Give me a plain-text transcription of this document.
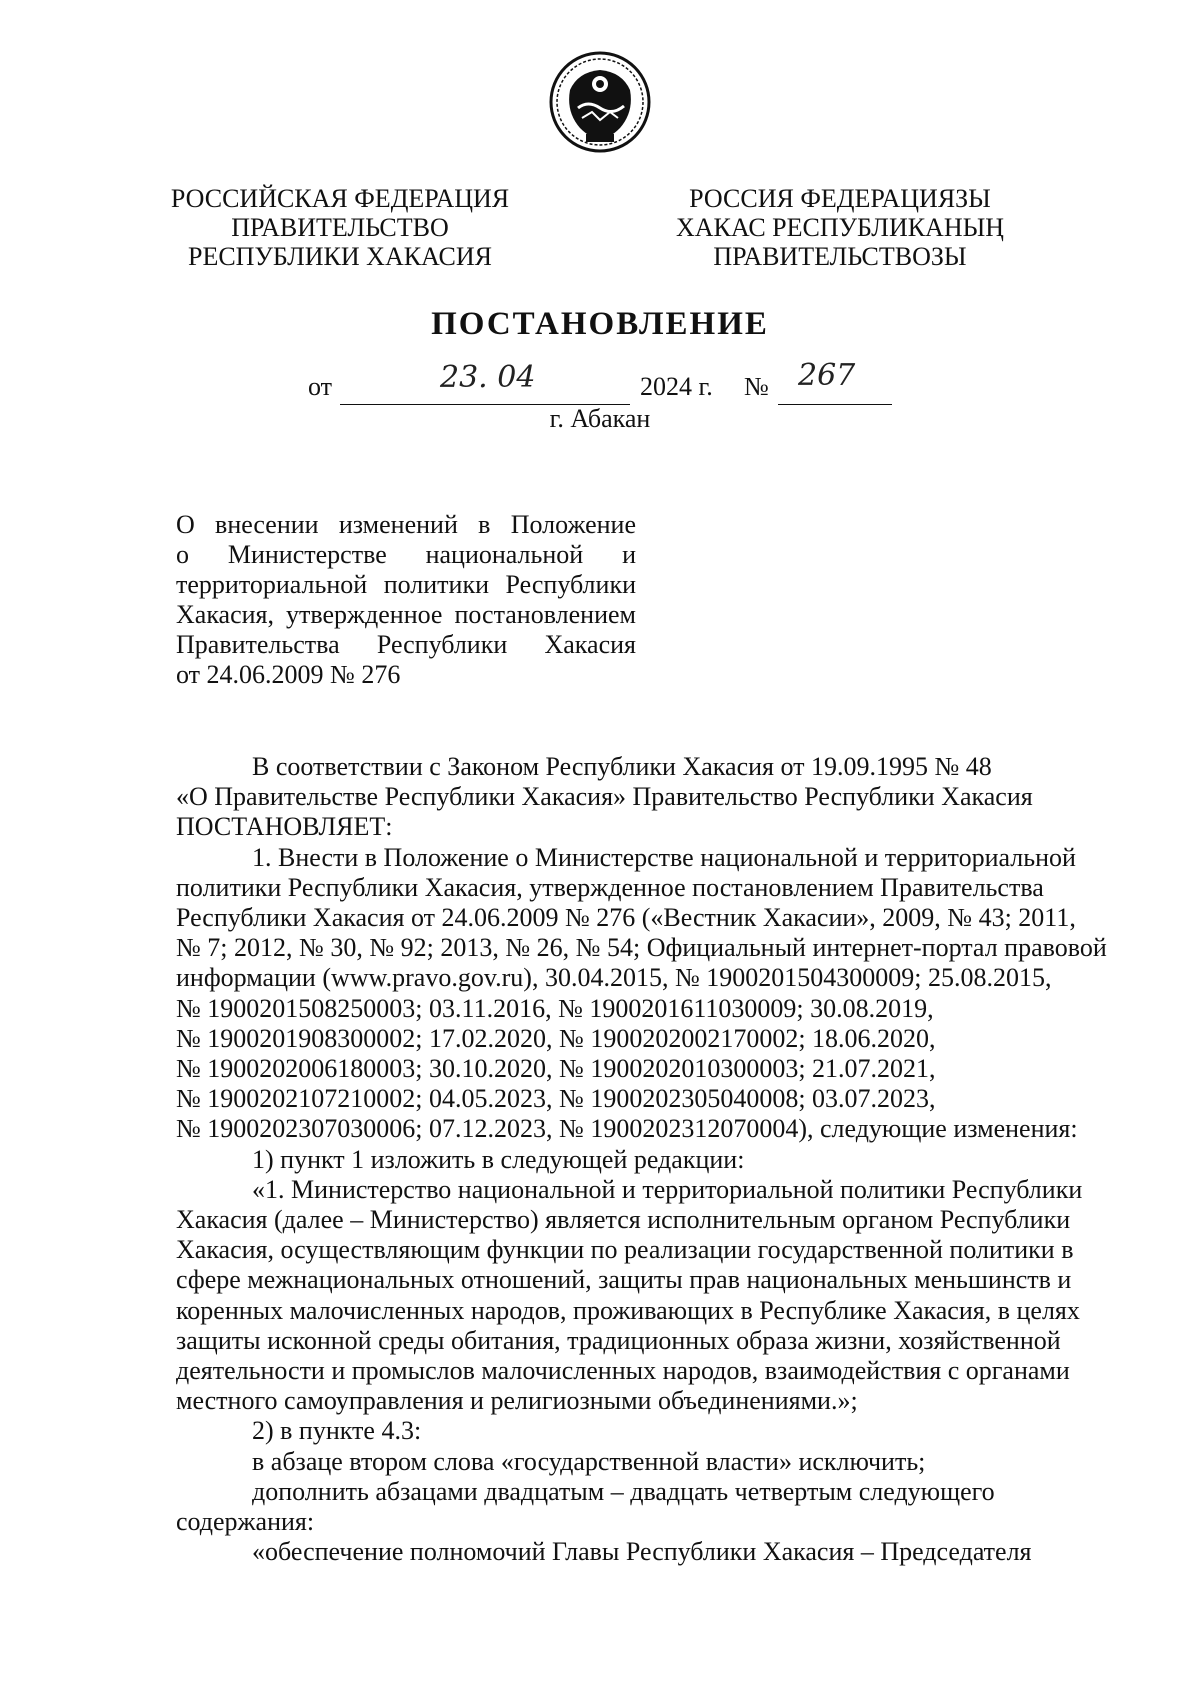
РОССИЙСКАЯ ФЕДЕРАЦИЯ
ПРАВИТЕЛЬСТВО
РЕСПУБЛИКИ ХАКАСИЯ
РОССИЯ ФЕДЕРАЦИЯЗЫ
ХАКАС РЕСПУБЛИКАНЫҢ
ПРАВИТЕЛЬСТВОЗЫ
ПОСТАНОВЛЕНИЕ
от	23. 04	2024 г. № 267
г. Абакан
О внесении изменений в Положение
о Министерстве национальной и
территориальной политики Республики
Хакасия, утвержденное постановлением
Правительства Республики Хакасия
от 24.06.2009 № 276
В соответствии с Законом Республики Хакасия от 19.09.1995 № 48
«О Правительстве Республики Хакасия» Правительство Республики Хакасия
ПОСТАНОВЛЯЕТ:
1. Внести в Положение о Министерстве национальной и территориальной
политики Республики Хакасия, утвержденное постановлением Правительства
Республики Хакасия от 24.06.2009 № 276 («Вестник Хакасии», 2009, № 43; 2011,
№ 7; 2012, № 30, № 92; 2013, № 26, № 54; Официальный интернет-портал правовой
информации (www.pravo.gov.ru), 30.04.2015, № 1900201504300009; 25.08.2015,
№ 1900201508250003; 03.11.2016, № 1900201611030009; 30.08.2019,
№ 1900201908300002; 17.02.2020, № 1900202002170002; 18.06.2020,
№ 1900202006180003; 30.10.2020, № 1900202010300003; 21.07.2021,
№ 1900202107210002; 04.05.2023, № 1900202305040008; 03.07.2023,
№ 1900202307030006; 07.12.2023, № 1900202312070004), следующие изменения:
1) пункт 1 изложить в следующей редакции:
«1. Министерство национальной и территориальной политики Республики
Хакасия (далее – Министерство) является исполнительным органом Республики
Хакасия, осуществляющим функции по реализации государственной политики в
сфере межнациональных отношений, защиты прав национальных меньшинств и
коренных малочисленных народов, проживающих в Республике Хакасия, в целях
защиты исконной среды обитания, традиционных образа жизни, хозяйственной
деятельности и промыслов малочисленных народов, взаимодействия с органами
местного самоуправления и религиозными объединениями.»;
2) в пункте 4.3:
в абзаце втором слова «государственной власти» исключить;
дополнить абзацами двадцатым – двадцать четвертым следующего
содержания:
«обеспечение полномочий Главы Республики Хакасия – Председателя
